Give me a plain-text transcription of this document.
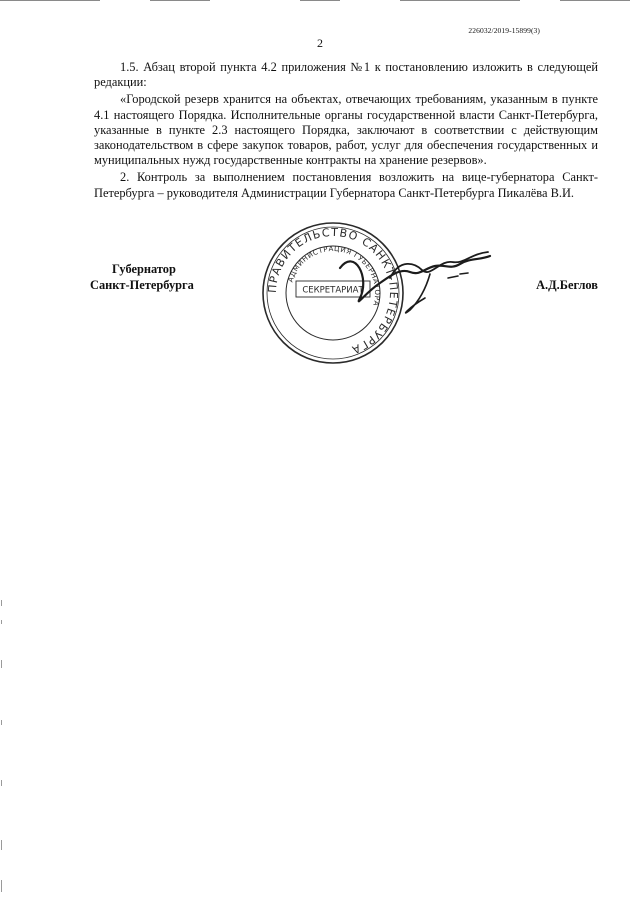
226032/2019-15899(3)
2

1.5. Абзац второй пункта 4.2 приложения №1 к постановлению изложить в следующей редакции:

«Городской резерв хранится на объектах, отвечающих требованиям, указанным в пункте 4.1 настоящего Порядка. Исполнительные органы государственной власти Санкт-Петербурга, указанные в пункте 2.3 настоящего Порядка, заключают в соответствии с действующим законодательством в сфере закупок товаров, работ, услуг для обеспечения государственных и муниципальных нужд государственные контракты на хранение резервов».

2. Контроль за выполнением постановления возложить на вице-губернатора Санкт-Петербурга – руководителя Администрации Губернатора Санкт-Петербурга Пикалёва В.И.

Губернатор
Санкт-Петербурга	А.Д.Беглов
ПРАВИТЕЛЬСТВО САНКТ-ПЕТЕРБУРГА
АДМИНИСТРАЦИЯ ГУБЕРНАТОРА
СЕКРЕТАРИАТ
